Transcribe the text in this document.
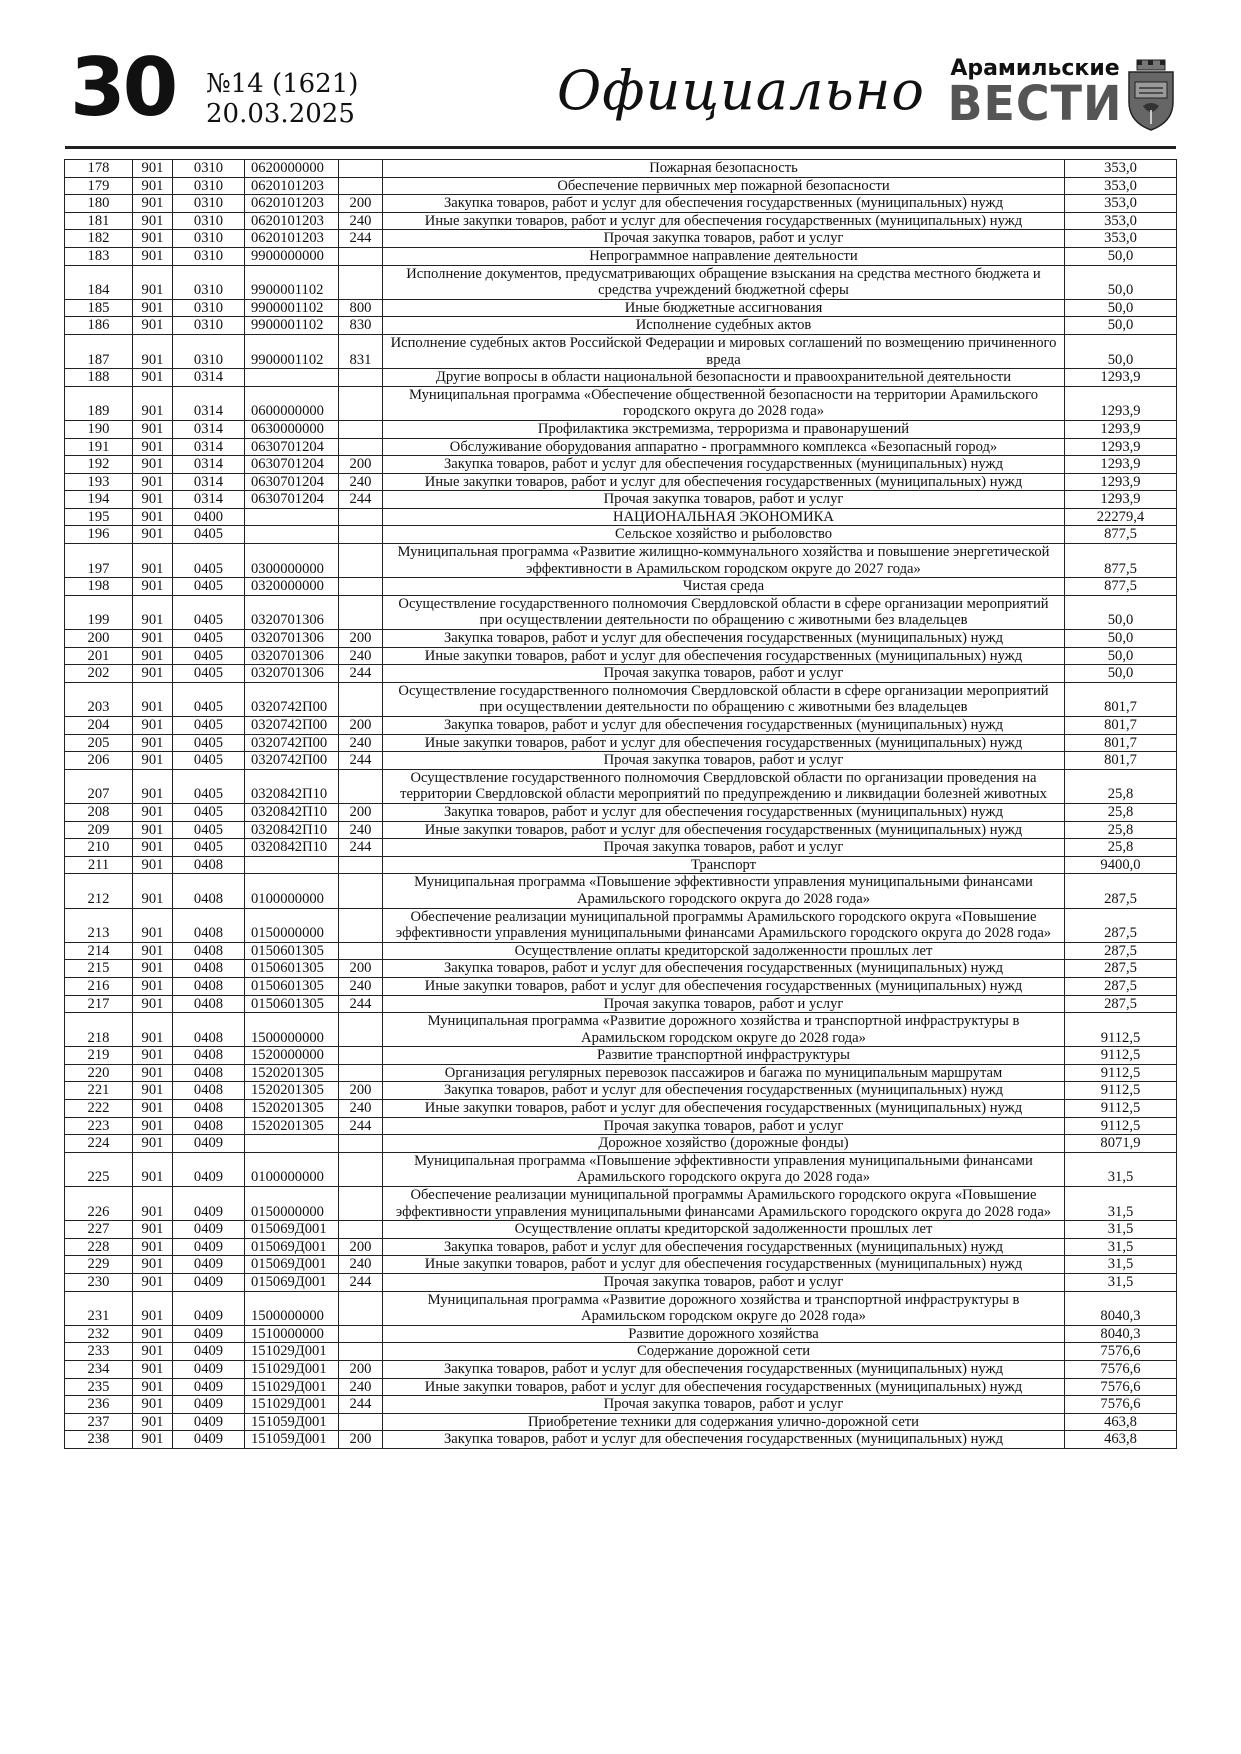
30 №14 (1621)
20.03.2025	Официально Арамильские
ВЕСТИ
178	901	0310	0620000000		Пожарная безопасность	353,0
179	901	0310	0620101203		Обеспечение первичных мер пожарной безопасности	353,0
180	901	0310	0620101203	200	Закупка товаров, работ и услуг для обеспечения государственных (муниципальных) нужд	353,0
181	901	0310	0620101203	240	Иные закупки товаров, работ и услуг для обеспечения государственных (муниципальных) нужд	353,0
182	901	0310	0620101203	244	Прочая закупка товаров, работ и услуг	353,0
183	901	0310	9900000000		Непрограммное направление деятельности	50,0
184	901	0310	9900001102		Исполнение документов, предусматривающих обращение взыскания на средства местного бюджета и средства учреждений бюджетной сферы	50,0
185	901	0310	9900001102	800	Иные бюджетные ассигнования	50,0
186	901	0310	9900001102	830	Исполнение судебных актов	50,0
187	901	0310	9900001102	831	Исполнение судебных актов Российской Федерации и мировых соглашений по возмещению причиненного вреда	50,0
188	901	0314			Другие вопросы в области национальной безопасности и правоохранительной деятельности	1293,9
189	901	0314	0600000000		Муниципальная программа «Обеспечение общественной безопасности на территории Арамильского городского округа до 2028 года»	1293,9
190	901	0314	0630000000		Профилактика экстремизма, терроризма и правонарушений	1293,9
191	901	0314	0630701204		Обслуживание оборудования аппаратно - программного комплекса «Безопасный город»	1293,9
192	901	0314	0630701204	200	Закупка товаров, работ и услуг для обеспечения государственных (муниципальных) нужд	1293,9
193	901	0314	0630701204	240	Иные закупки товаров, работ и услуг для обеспечения государственных (муниципальных) нужд	1293,9
194	901	0314	0630701204	244	Прочая закупка товаров, работ и услуг	1293,9
195	901	0400			НАЦИОНАЛЬНАЯ ЭКОНОМИКА	22279,4
196	901	0405			Сельское хозяйство и рыболовство	877,5
197	901	0405	0300000000		Муниципальная программа «Развитие жилищно-коммунального хозяйства и повышение энергетической эффективности в Арамильском городском округе до 2027 года»	877,5
198	901	0405	0320000000		Чистая среда	877,5
199	901	0405	0320701306		Осуществление государственного полномочия Свердловской области в сфере организации мероприятий при осуществлении деятельности по обращению с животными без владельцев	50,0
200	901	0405	0320701306	200	Закупка товаров, работ и услуг для обеспечения государственных (муниципальных) нужд	50,0
201	901	0405	0320701306	240	Иные закупки товаров, работ и услуг для обеспечения государственных (муниципальных) нужд	50,0
202	901	0405	0320701306	244	Прочая закупка товаров, работ и услуг	50,0
203	901	0405	0320742П00		Осуществление государственного полномочия Свердловской области в сфере организации мероприятий при осуществлении деятельности по обращению с животными без владельцев	801,7
204	901	0405	0320742П00	200	Закупка товаров, работ и услуг для обеспечения государственных (муниципальных) нужд	801,7
205	901	0405	0320742П00	240	Иные закупки товаров, работ и услуг для обеспечения государственных (муниципальных) нужд	801,7
206	901	0405	0320742П00	244	Прочая закупка товаров, работ и услуг	801,7
207	901	0405	0320842П10		Осуществление государственного полномочия Свердловской области по организации проведения на территории Свердловской области мероприятий по предупреждению и ликвидации болезней животных	25,8
208	901	0405	0320842П10	200	Закупка товаров, работ и услуг для обеспечения государственных (муниципальных) нужд	25,8
209	901	0405	0320842П10	240	Иные закупки товаров, работ и услуг для обеспечения государственных (муниципальных) нужд	25,8
210	901	0405	0320842П10	244	Прочая закупка товаров, работ и услуг	25,8
211	901	0408			Транспорт	9400,0
212	901	0408	0100000000		Муниципальная программа «Повышение эффективности управления муниципальными финансами Арамильского городского округа до 2028 года»	287,5
213	901	0408	0150000000		Обеспечение реализации муниципальной программы Арамильского городского округа «Повышение эффективности управления муниципальными финансами Арамильского городского округа до 2028 года»	287,5
214	901	0408	0150601305		Осуществление оплаты кредиторской задолженности прошлых лет	287,5
215	901	0408	0150601305	200	Закупка товаров, работ и услуг для обеспечения государственных (муниципальных) нужд	287,5
216	901	0408	0150601305	240	Иные закупки товаров, работ и услуг для обеспечения государственных (муниципальных) нужд	287,5
217	901	0408	0150601305	244	Прочая закупка товаров, работ и услуг	287,5
218	901	0408	1500000000		Муниципальная программа «Развитие дорожного хозяйства и транспортной инфраструктуры в Арамильском городском округе до 2028 года»	9112,5
219	901	0408	1520000000		Развитие транспортной инфраструктуры	9112,5
220	901	0408	1520201305		Организация регулярных перевозок пассажиров и багажа по муниципальным маршрутам	9112,5
221	901	0408	1520201305	200	Закупка товаров, работ и услуг для обеспечения государственных (муниципальных) нужд	9112,5
222	901	0408	1520201305	240	Иные закупки товаров, работ и услуг для обеспечения государственных (муниципальных) нужд	9112,5
223	901	0408	1520201305	244	Прочая закупка товаров, работ и услуг	9112,5
224	901	0409			Дорожное хозяйство (дорожные фонды)	8071,9
225	901	0409	0100000000		Муниципальная программа «Повышение эффективности управления муниципальными финансами Арамильского городского округа до 2028 года»	31,5
226	901	0409	0150000000		Обеспечение реализации муниципальной программы Арамильского городского округа «Повышение эффективности управления муниципальными финансами Арамильского городского округа до 2028 года»	31,5
227	901	0409	015069Д001		Осуществление оплаты кредиторской задолженности прошлых лет	31,5
228	901	0409	015069Д001	200	Закупка товаров, работ и услуг для обеспечения государственных (муниципальных) нужд	31,5
229	901	0409	015069Д001	240	Иные закупки товаров, работ и услуг для обеспечения государственных (муниципальных) нужд	31,5
230	901	0409	015069Д001	244	Прочая закупка товаров, работ и услуг	31,5
231	901	0409	1500000000		Муниципальная программа «Развитие дорожного хозяйства и транспортной инфраструктуры в Арамильском городском округе до 2028 года»	8040,3
232	901	0409	1510000000		Развитие дорожного хозяйства	8040,3
233	901	0409	151029Д001		Содержание дорожной сети	7576,6
234	901	0409	151029Д001	200	Закупка товаров, работ и услуг для обеспечения государственных (муниципальных) нужд	7576,6
235	901	0409	151029Д001	240	Иные закупки товаров, работ и услуг для обеспечения государственных (муниципальных) нужд	7576,6
236	901	0409	151029Д001	244	Прочая закупка товаров, работ и услуг	7576,6
237	901	0409	151059Д001		Приобретение техники для содержания улично-дорожной сети	463,8
238	901	0409	151059Д001	200	Закупка товаров, работ и услуг для обеспечения государственных (муниципальных) нужд	463,8
